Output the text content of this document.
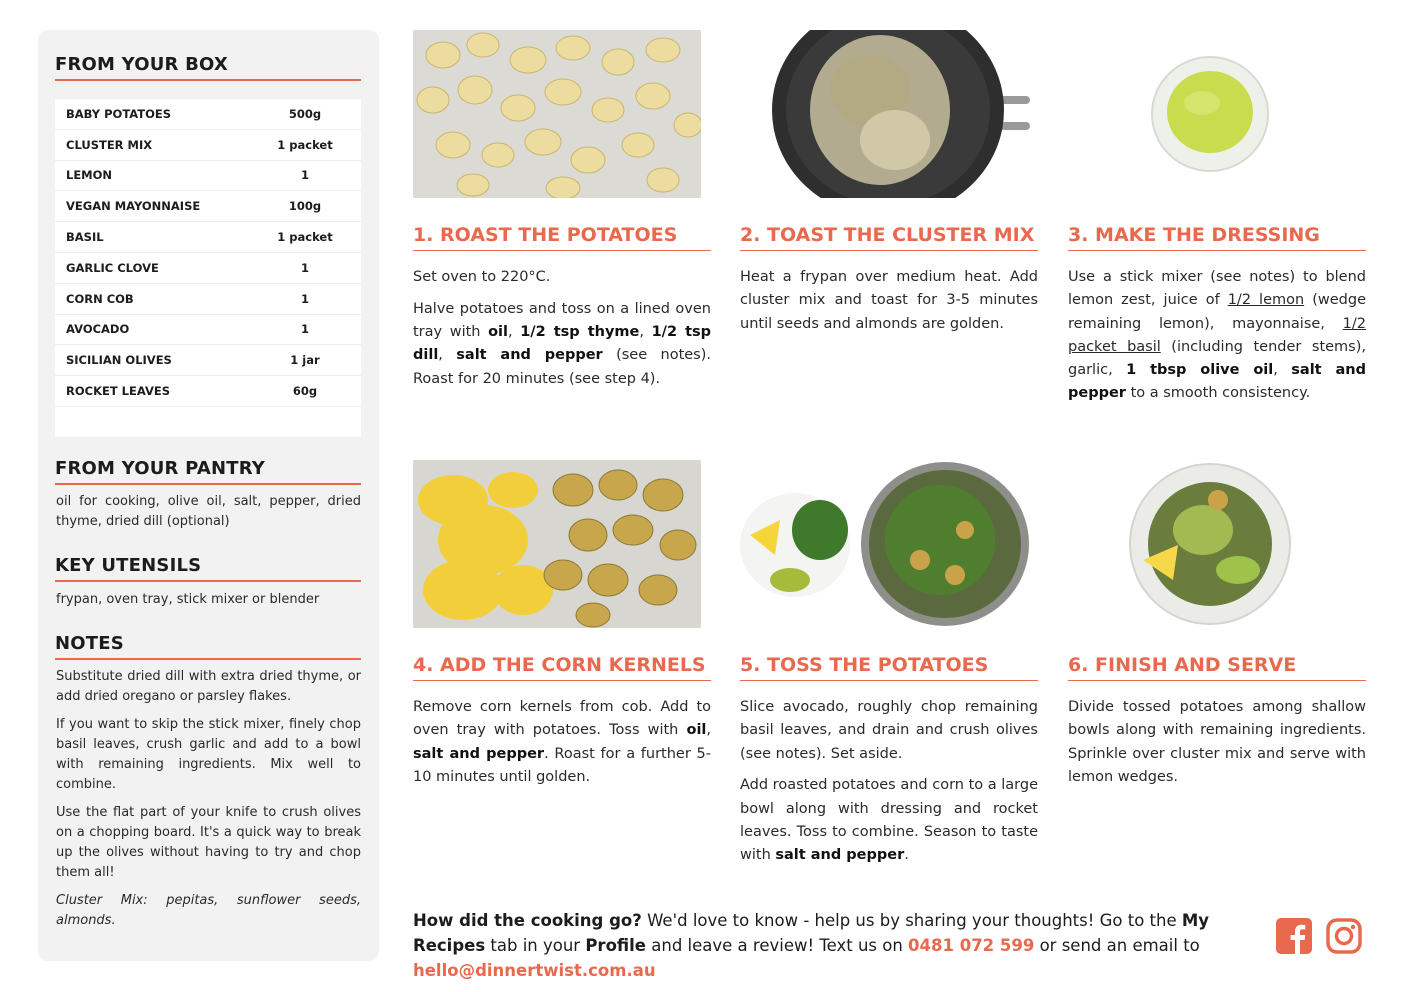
FROM YOUR BOX
BABY POTATOES	500g
CLUSTER MIX	1 packet
LEMON	1
VEGAN MAYONNAISE	100g
BASIL	1 packet
GARLIC CLOVE	1
CORN COB	1
AVOCADO	1
SICILIAN OLIVES	1 jar
ROCKET LEAVES	60g
FROM YOUR PANTRY

oil for cooking, olive oil, salt, pepper, dried thyme, dried dill (optional)

KEY UTENSILS

frypan, oven tray, stick mixer or blender

NOTES

Substitute dried dill with extra dried thyme, or add dried oregano or parsley flakes.

If you want to skip the stick mixer, finely chop basil leaves, crush garlic and add to a bowl with remaining ingredients. Mix well to combine.

Use the flat part of your knife to crush olives on a chopping board. It's a quick way to break up the olives without having to try and chop them all!

Cluster Mix: pepitas, sunflower seeds, almonds.

1. ROAST THE POTATOES	2. TOAST THE CLUSTER MIX 3. MAKE THE DRESSING
4. ADD THE CORN KERNELS 5. TOSS THE POTATOES	6. FINISH AND SERVE

Set oven to 220°C.

Halve potatoes and toss on a lined oven tray with oil, 1/2 tsp thyme, 1/2 tsp dill, salt and pepper (see notes). Roast for 20 minutes (see step 4).

Heat a frypan over medium heat. Add cluster mix and toast for 3-5 minutes until seeds and almonds are golden.

Use a stick mixer (see notes) to blend lemon zest, juice of 1/2 lemon (wedge remaining lemon), mayonnaise, 1/2 packet basil (including tender stems), garlic, 1 tbsp olive oil, salt and pepper to a smooth consistency.

Remove corn kernels from cob. Add to oven tray with potatoes. Toss with oil, salt and pepper. Roast for a further 5-10 minutes until golden.

Slice avocado, roughly chop remaining basil leaves, and drain and crush olives (see notes). Set aside.

Add roasted potatoes and corn to a large bowl along with dressing and rocket leaves. Toss to combine. Season to taste with salt and pepper.

Divide tossed potatoes among shallow bowls along with remaining ingredients. Sprinkle over cluster mix and serve with lemon wedges.

How did the cooking go? We'd love to know - help us by sharing your thoughts! Go to the My Recipes tab in your Profile and leave a review! Text us on 0481 072 599 or send an email to hello@dinnertwist.com.au
